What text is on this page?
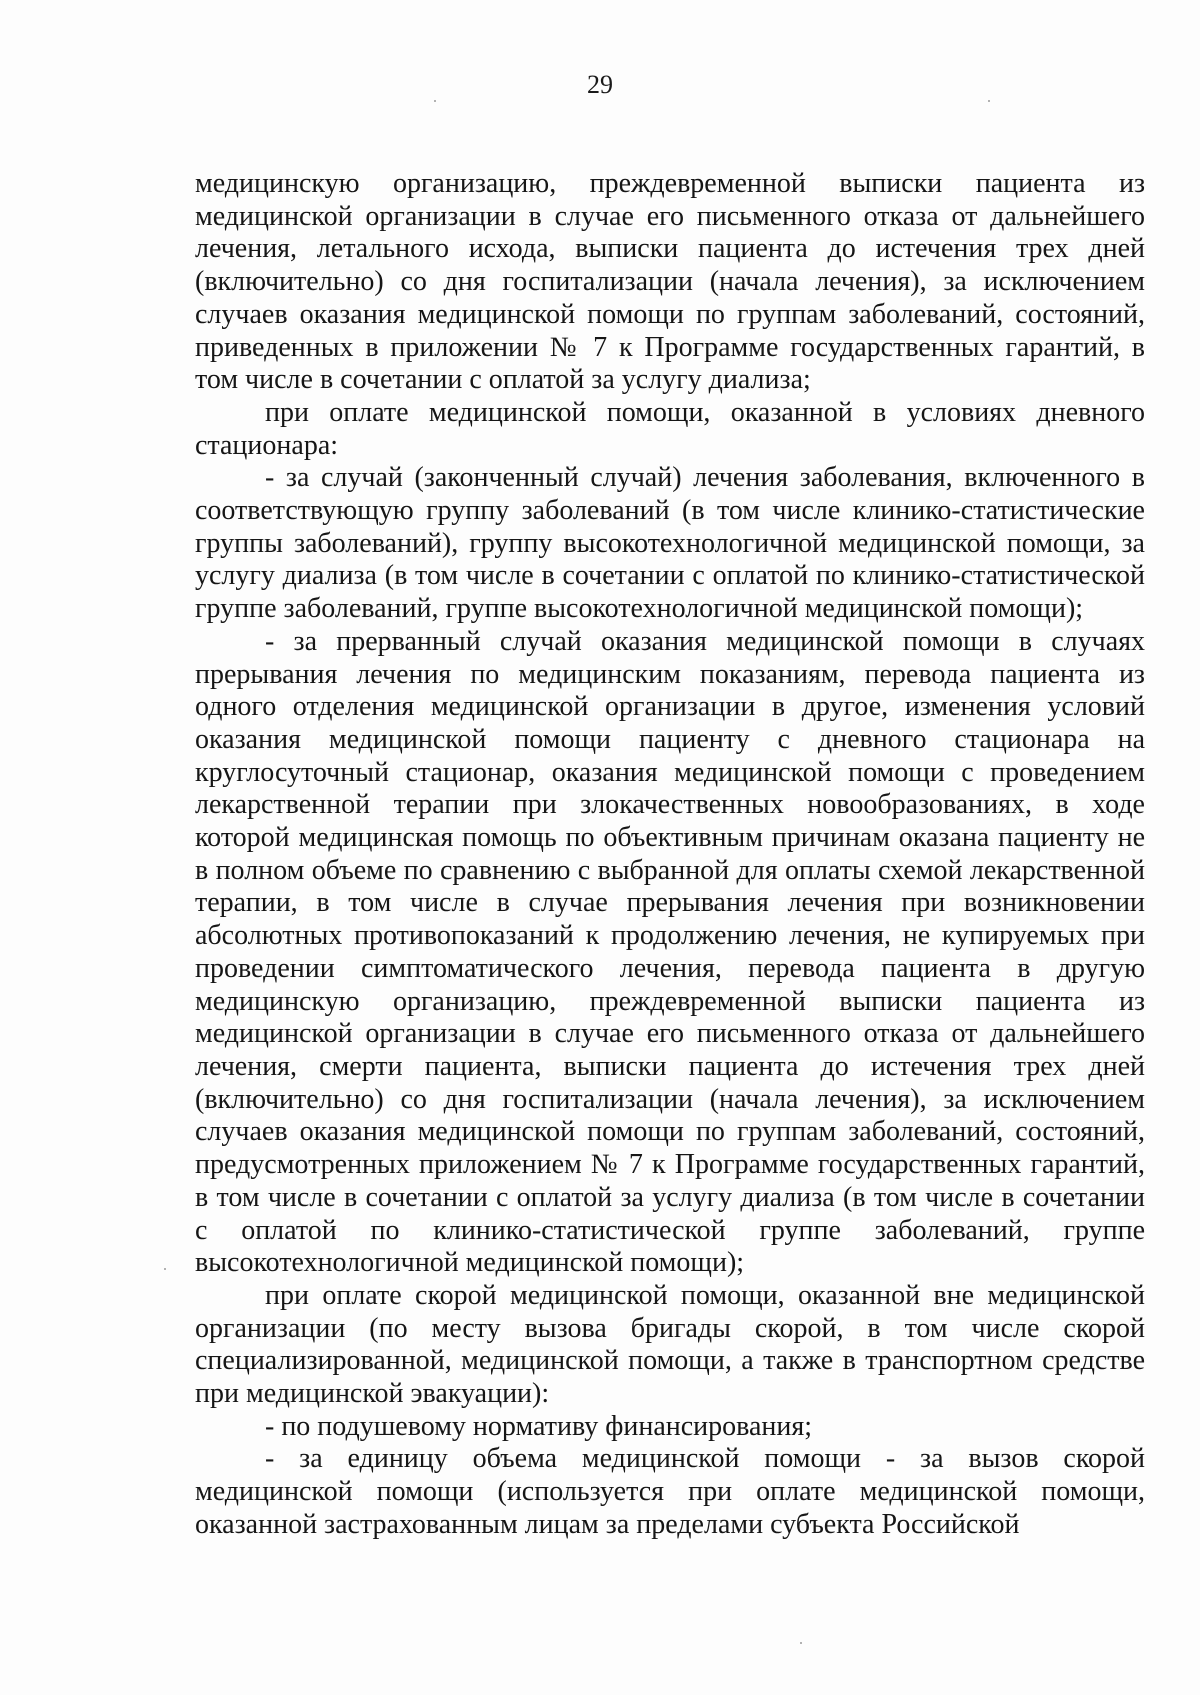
29

медицинскую организацию, преждевременной выписки пациента из медицинской организации в случае его письменного отказа от дальнейшего лечения, летального исхода, выписки пациента до истечения трех дней (включительно) со дня госпитализации (начала лечения), за исключением случаев оказания медицинской помощи по группам заболеваний, состояний, приведенных в приложении № 7 к Программе государственных гарантий, в том числе в сочетании с оплатой за услугу диализа;

при оплате медицинской помощи, оказанной в условиях дневного стационара:

- за случай (законченный случай) лечения заболевания, включенного в соответствующую группу заболеваний (в том числе клинико-статистические группы заболеваний), группу высокотехнологичной медицинской помощи, за услугу диализа (в том числе в сочетании с оплатой по клинико-статистической группе заболеваний, группе высокотехнологичной медицинской помощи);

- за прерванный случай оказания медицинской помощи в случаях прерывания лечения по медицинским показаниям, перевода пациента из одного отделения медицинской организации в другое, изменения условий оказания медицинской помощи пациенту с дневного стационара на круглосуточный стационар, оказания медицинской помощи с проведением лекарственной терапии при злокачественных новообразованиях, в ходе которой медицинская помощь по объективным причинам оказана пациенту не в полном объеме по сравнению с выбранной для оплаты схемой лекарственной терапии, в том числе в случае прерывания лечения при возникновении абсолютных противопоказаний к продолжению лечения, не купируемых при проведении симптоматического лечения, перевода пациента в другую медицинскую организацию, преждевременной выписки пациента из медицинской организации в случае его письменного отказа от дальнейшего лечения, смерти пациента, выписки пациента до истечения трех дней (включительно) со дня госпитализации (начала лечения), за исключением случаев оказания медицинской помощи по группам заболеваний, состояний, предусмотренных приложением № 7 к Программе государственных гарантий, в том числе в сочетании с оплатой за услугу диализа (в том числе в сочетании с оплатой по клинико-статистической группе заболеваний, группе высокотехнологичной медицинской помощи);

при оплате скорой медицинской помощи, оказанной вне медицинской организации (по месту вызова бригады скорой, в том числе скорой специализированной, медицинской помощи, а также в транспортном средстве при медицинской эвакуации):

- по подушевому нормативу финансирования;

- за единицу объема медицинской помощи - за вызов скорой медицинской помощи (используется при оплате медицинской помощи, оказанной застрахованным лицам за пределами субъекта Российской
